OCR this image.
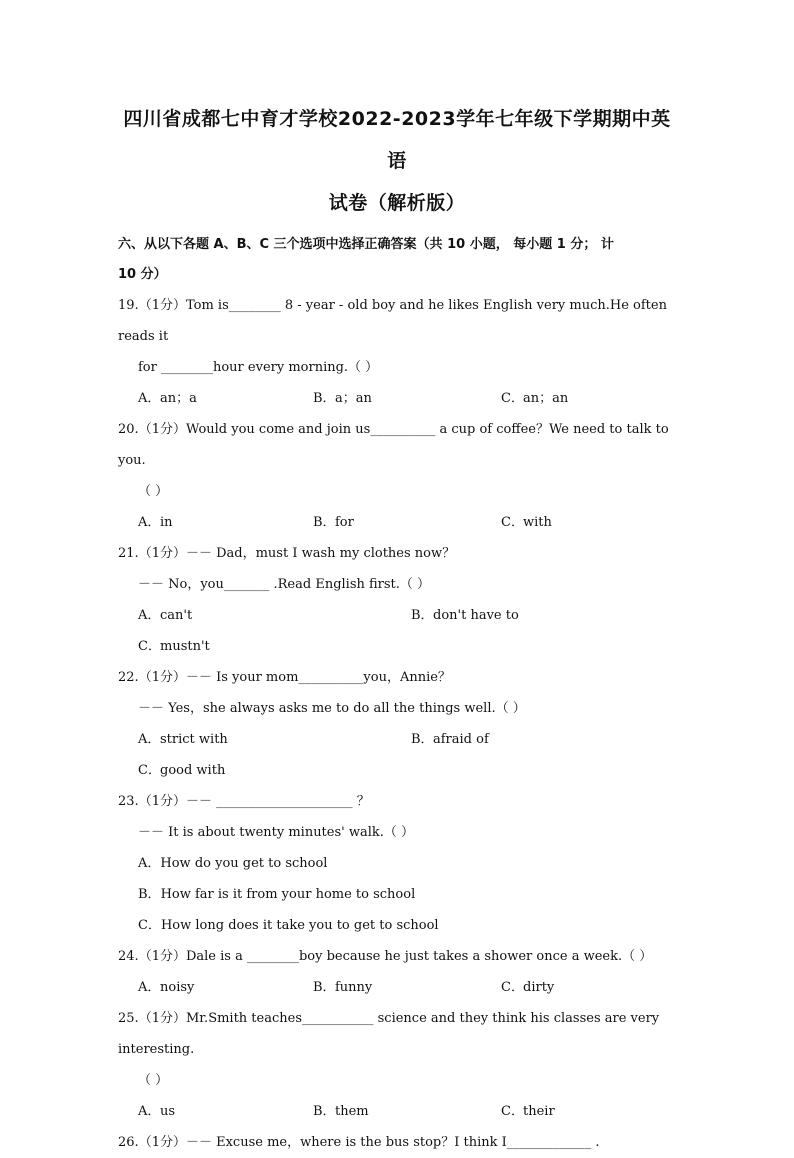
四川省成都七中育才学校2022-2023学年七年级下学期期中英语

试卷（解析版）

六、从以下各题 A、B、C 三个选项中选择正确答案（共 10 小题， 每小题 1 分； 计
10 分）
19.（1分）Tom is________ 8 - year - old boy and he likes English very much.He often reads it
for ________hour every morning.（ ）
A．an；a	B．a；an	C．an；an
20.（1分）Would you come and join us__________ a cup of coffee？We need to talk to you.
（ ）
A．in	B．for	C．with
21.（1分）－－ Dad，must I wash my clothes now？
－－ No，you_______ .Read English first.（ ）
A．can't	B．don't have to
C．mustn't
22.（1分）－－ Is your mom__________you，Annie？
－－ Yes，she always asks me to do all the things well.（ ）
A．strict with	B．afraid of
C．good with
23.（1分）－－ _____________________ ？
－－ It is about twenty minutes' walk.（ ）
A．How do you get to school
B．How far is it from your home to school
C．How long does it take you to get to school
24.（1分）Dale is a ________boy because he just takes a shower once a week.（ ）
A．noisy	B．funny	C．dirty
25.（1分）Mr.Smith teaches___________ science and they think his classes are very interesting.
（ ）
A．us	B．them	C．their
26.（1分）－－ Excuse me，where is the bus stop？I think I_____________ .
